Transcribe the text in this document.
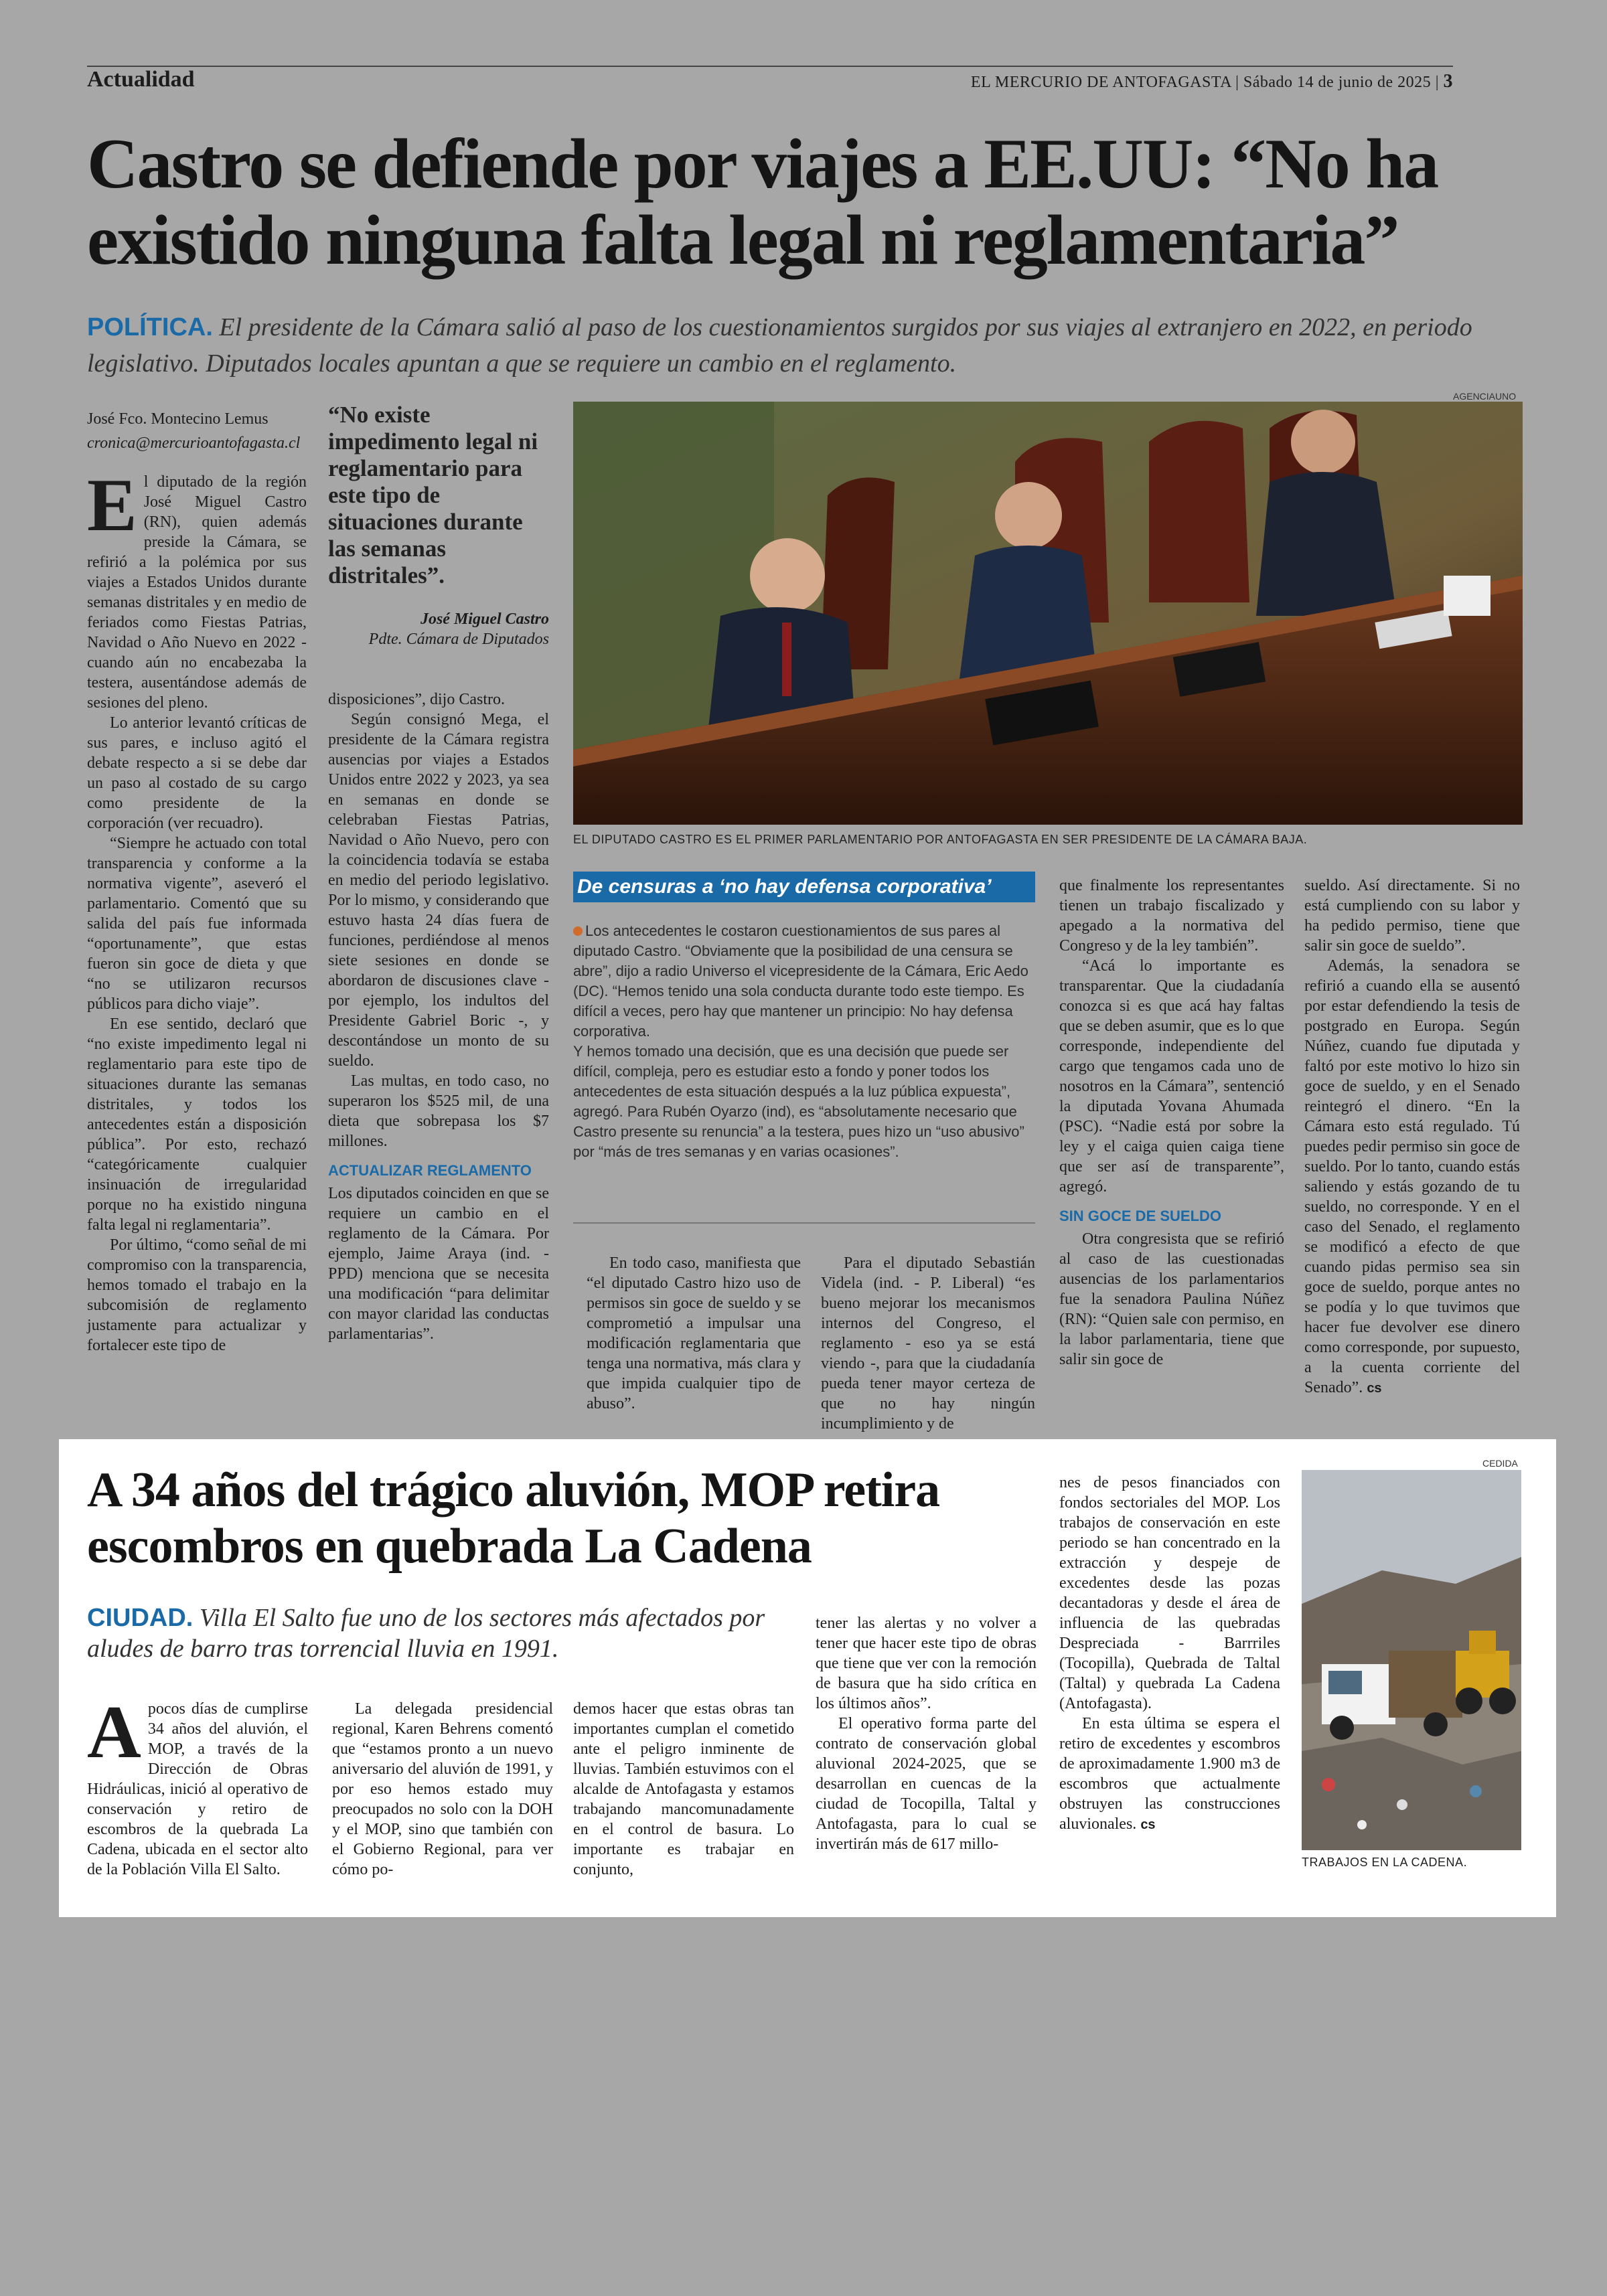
Actualidad	EL MERCURIO DE ANTOFAGASTA | Sábado 14 de junio de 2025 | 3
Castro se defiende por viajes a EE.UU: “No ha existido ninguna falta legal ni reglamentaria”
POLÍTICA. El presidente de la Cámara salió al paso de los cuestionamientos surgidos por sus viajes al extranjero en 2022, en periodo legislativo. Diputados locales apuntan a que se requiere un cambio en el reglamento.
José Fco. Montecino Lemus
cronica@mercurioantofagasta.cl

El diputado de la región José Miguel Castro (RN), quien además preside la Cámara, se refirió a la polémica por sus viajes a Estados Unidos durante semanas distritales y en medio de feriados como Fiestas Patrias, Navidad o Año Nuevo en 2022 -cuando aún no encabezaba la testera, ausentándose además de sesiones del pleno.

Lo anterior levantó críticas de sus pares, e incluso agitó el debate respecto a si se debe dar un paso al costado de su cargo como presidente de la corporación (ver recuadro).

“Siempre he actuado con total transparencia y conforme a la normativa vigente”, aseveró el parlamentario. Comentó que su salida del país fue informada “oportunamente”, que estas fueron sin goce de dieta y que “no se utilizaron recursos públicos para dicho viaje”.

En ese sentido, declaró que “no existe impedimento legal ni reglamentario para este tipo de situaciones durante las semanas distritales, y todos los antecedentes están a disposición pública”. Por esto, rechazó “categóricamente cualquier insinuación de irregularidad porque no ha existido ninguna falta legal ni reglamentaria”.

Por último, “como señal de mi compromiso con la transparencia, hemos tomado el trabajo en la subcomisión de reglamento justamente para actualizar y fortalecer este tipo de

“No existe impedimento legal ni reglamentario para este tipo de situaciones durante las semanas distritales”.
José Miguel Castro
Pdte. Cámara de Diputados

disposiciones”, dijo Castro.

Según consignó Mega, el presidente de la Cámara registra ausencias por viajes a Estados Unidos entre 2022 y 2023, ya sea en semanas en donde se celebraban Fiestas Patrias, Navidad o Año Nuevo, pero con la coincidencia todavía se estaba en medio del periodo legislativo. Por lo mismo, y considerando que estuvo hasta 24 días fuera de funciones, perdiéndose al menos siete sesiones en donde se abordaron de discusiones clave - por ejemplo, los indultos del Presidente Gabriel Boric -, y descontándose un monto de su sueldo.

Las multas, en todo caso, no superaron los $525 mil, de una dieta que sobrepasa los $7 millones.

ACTUALIZAR REGLAMENTO

Los diputados coinciden en que se requiere un cambio en el reglamento de la Cámara. Por ejemplo, Jaime Araya (ind. - PPD) menciona que se necesita una modificación “para delimitar con mayor claridad las conductas parlamentarias”.

AGENCIAUNO
EL DIPUTADO CASTRO ES EL PRIMER PARLAMENTARIO POR ANTOFAGASTA EN SER PRESIDENTE DE LA CÁMARA BAJA.
De censuras a ‘no hay defensa corporativa’

Los antecedentes le costaron cuestionamientos de sus pares al diputado Castro. “Obviamente que la posibilidad de una censura se abre”, dijo a radio Universo el vicepresidente de la Cámara, Eric Aedo (DC). “Hemos tenido una sola conducta durante todo este tiempo. Es difícil a veces, pero hay que mantener un principio: No hay defensa corporativa.

Y hemos tomado una decisión, que es una decisión que puede ser difícil, compleja, pero es estudiar esto a fondo y poner todos los antecedentes de esta situación después a la luz pública expuesta”, agregó. Para Rubén Oyarzo (ind), es “absolutamente necesario que Castro presente su renuncia” a la testera, pues hizo un “uso abusivo” por “más de tres semanas y en varias ocasiones”.

En todo caso, manifiesta que “el diputado Castro hizo uso de permisos sin goce de sueldo y se comprometió a impulsar una modificación reglamentaria que tenga una normativa, más clara y que impida cualquier tipo de abuso”.

Para el diputado Sebastián Videla (ind. - P. Liberal) “es bueno mejorar los mecanismos internos del Congreso, el reglamento - eso ya se está viendo -, para que la ciudadanía pueda tener mayor certeza de que no hay ningún incumplimiento y de

que finalmente los representantes tienen un trabajo fiscalizado y apegado a la normativa del Congreso y de la ley también”.

“Acá lo importante es transparentar. Que la ciudadanía conozca si es que acá hay faltas que se deben asumir, que es lo que corresponde, independiente del cargo que tengamos cada uno de nosotros en la Cámara”, sentenció la diputada Yovana Ahumada (PSC). “Nadie está por sobre la ley y el caiga quien caiga tiene que ser así de transparente”, agregó.

SIN GOCE DE SUELDO

Otra congresista que se refirió al caso de las cuestionadas ausencias de los parlamentarios fue la senadora Paulina Núñez (RN): “Quien sale con permiso, en la labor parlamentaria, tiene que salir sin goce de

sueldo. Así directamente. Si no está cumpliendo con su labor y ha pedido permiso, tiene que salir sin goce de sueldo”.

Además, la senadora se refirió a cuando ella se ausentó por estar defendiendo la tesis de postgrado en Europa. Según Núñez, cuando fue diputada y faltó por este motivo lo hizo sin goce de sueldo, y en el Senado reintegró el dinero. “En la Cámara esto está regulado. Tú puedes pedir permiso sin goce de sueldo. Por lo tanto, cuando estás saliendo y estás gozando de tu sueldo, no corresponde. Y en el caso del Senado, el reglamento se modificó a efecto de que cuando pidas permiso sea sin goce de sueldo, porque antes no se podía y lo que tuvimos que hacer fue devolver ese dinero como corresponde, por supuesto, a la cuenta corriente del Senado”. cs

A 34 años del trágico aluvión, MOP retira escombros en quebrada La Cadena
CIUDAD. Villa El Salto fue uno de los sectores más afectados por aludes de barro tras torrencial lluvia en 1991.

A pocos días de cumplirse 34 años del aluvión, el MOP, a través de la Dirección de Obras Hidráulicas, inició al operativo de conservación y retiro de escombros de la quebrada La Cadena, ubicada en el sector alto de la Población Villa El Salto.

La delegada presidencial regional, Karen Behrens comentó que “estamos pronto a un nuevo aniversario del aluvión de 1991, y por eso hemos estado muy preocupados no solo con la DOH y el MOP, sino que también con el Gobierno Regional, para ver cómo po-

demos hacer que estas obras tan importantes cumplan el cometido ante el peligro inminente de lluvias. También estuvimos con el alcalde de Antofagasta y estamos trabajando mancomunadamente en el control de basura. Lo importante es trabajar en conjunto,

tener las alertas y no volver a tener que hacer este tipo de obras que tiene que ver con la remoción de basura que ha sido crítica en los últimos años”.

El operativo forma parte del contrato de conservación global aluvional 2024-2025, que se desarrollan en cuencas de la ciudad de Tocopilla, Taltal y Antofagasta, para lo cual se invertirán más de 617 millo-

nes de pesos financiados con fondos sectoriales del MOP. Los trabajos de conservación en este periodo se han concentrado en la extracción y despeje de excedentes desde las pozas decantadoras y desde el área de influencia de las quebradas Despreciada - Barrriles (Tocopilla), Quebrada de Taltal (Taltal) y quebrada La Cadena (Antofagasta).

En esta última se espera el retiro de excedentes y escombros de aproximadamente 1.900 m3 de escombros que actualmente obstruyen las construcciones aluvionales. cs

CEDIDA
TRABAJOS EN LA CADENA.
